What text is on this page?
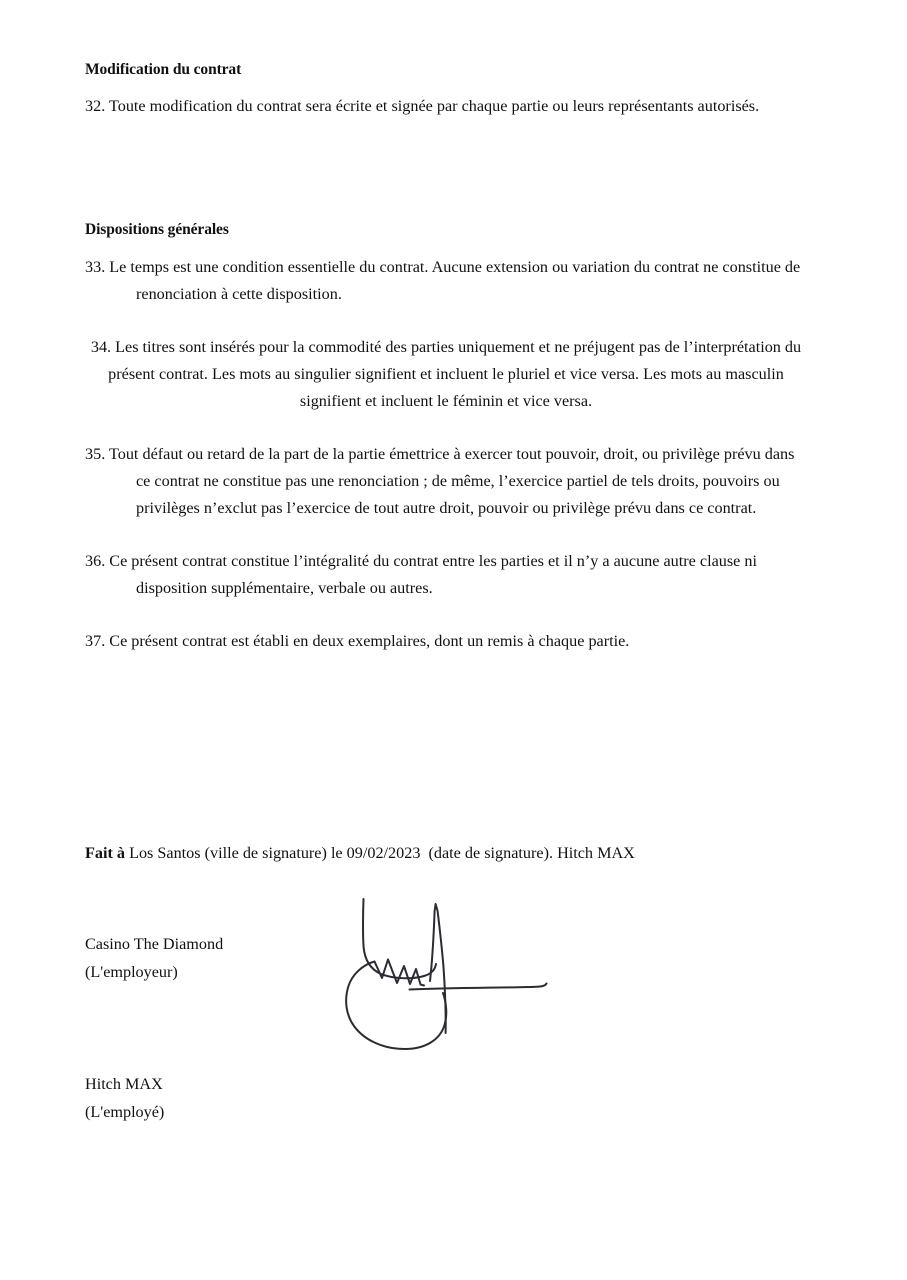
Modification du contrat
32. Toute modification du contrat sera écrite et signée par chaque partie ou leurs représentants autorisés.
Dispositions générales
33. Le temps est une condition essentielle du contrat. Aucune extension ou variation du contrat ne constitue de renonciation à cette disposition.
34. Les titres sont insérés pour la commodité des parties uniquement et ne préjugent pas de l’interprétation du présent contrat. Les mots au singulier signifient et incluent le pluriel et vice versa. Les mots au masculin signifient et incluent le féminin et vice versa.
35. Tout défaut ou retard de la part de la partie émettrice à exercer tout pouvoir, droit, ou privilège prévu dans ce contrat ne constitue pas une renonciation ; de même, l’exercice partiel de tels droits, pouvoirs ou privilèges n’exclut pas l’exercice de tout autre droit, pouvoir ou privilège prévu dans ce contrat.
36. Ce présent contrat constitue l’intégralité du contrat entre les parties et il n’y a aucune autre clause ni disposition supplémentaire, verbale ou autres.
37. Ce présent contrat est établi en deux exemplaires, dont un remis à chaque partie.
Fait à Los Santos (ville de signature) le 09/02/2023 (date de signature). Hitch MAX
Casino The Diamond
(L'employeur)
Hitch MAX
(L'employé)
